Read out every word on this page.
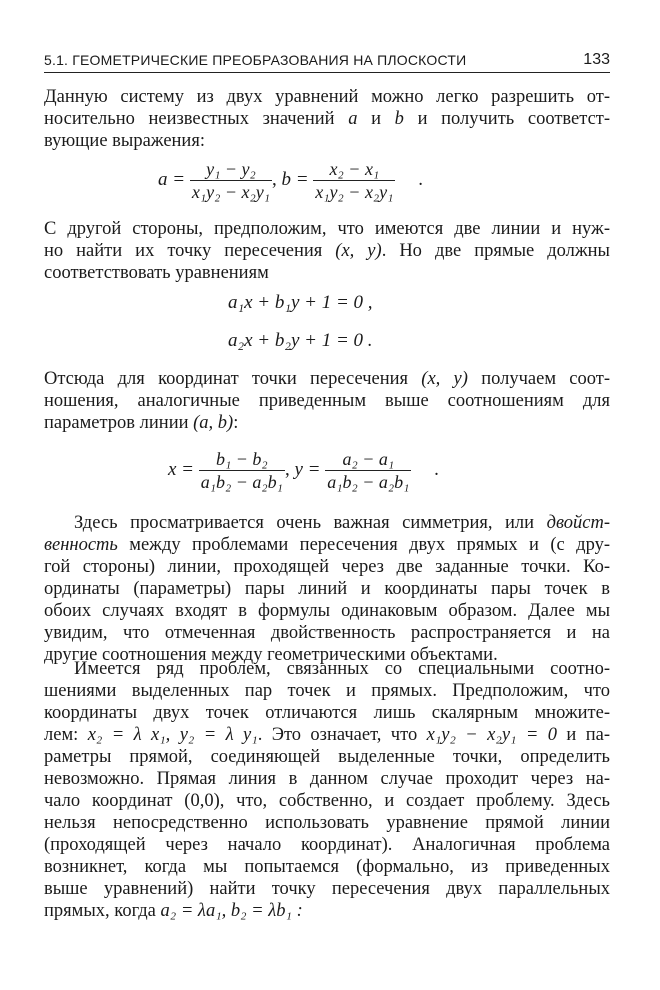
5.1. ГЕОМЕТРИЧЕСКИЕ ПРЕОБРАЗОВАНИЯ НА ПЛОСКОСТИ	133
Данную систему из двух уравнений можно легко разрешить от-
носительно неизвестных значений a и b и получить соответст-
вующие выражения:
$a = \frac{\text{y₁ − y₂}}{\text{x₁y₂ − x₂y₁}}$ , $b = \frac{\text{x₂ − x₁}}{\text{x₁y₂ − x₂y₁}}$ .
С другой стороны, предположим, что имеются две линии и нуж-
но найти их точку пересечения (x, y). Но две прямые должны
соответствовать уравнениям
a₁x + b₁y + 1 = 0 ,
a₂x + b₂y + 1 = 0 .
Отсюда для координат точки пересечения (x, y) получаем соот-
ношения, аналогичные приведенным выше соотношениям для
параметров линии (a, b):
$x = \frac{\text{b₁ − b₂}}{\text{a₁b₂ − a₂b₁}}$ , $y = \frac{\text{a₂ − a₁}}{\text{a₁b₂ − a₂b₁}}$ .
Здесь просматривается очень важная симметрия, или двойст-
венность между проблемами пересечения двух прямых и (с дру-
гой стороны) линии, проходящей через две заданные точки. Ко-
ординаты (параметры) пары линий и координаты пары точек в
обоих случаях входят в формулы одинаковым образом. Далее мы
увидим, что отмеченная двойственность распространяется и на
другие соотношения между геометрическими объектами.
Имеется ряд проблем, связанных со специальными соотно-
шениями выделенных пар точек и прямых. Предположим, что
координаты двух точек отличаются лишь скалярным множите-
лем: x₂ = λ x₁, y₂ = λ y₁. Это означает, что x₁y₂ − x₂y₁ = 0 и па-
раметры прямой, соединяющей выделенные точки, определить
невозможно. Прямая линия в данном случае проходит через на-
чало координат (0,0), что, собственно, и создает проблему. Здесь
нельзя непосредственно использовать уравнение прямой линии
(проходящей через начало координат). Аналогичная проблема
возникнет, когда мы попытаемся (формально, из приведенных
выше уравнений) найти точку пересечения двух параллельных
прямых, когда a₂ = λa₁, b₂ = λb₁ :
